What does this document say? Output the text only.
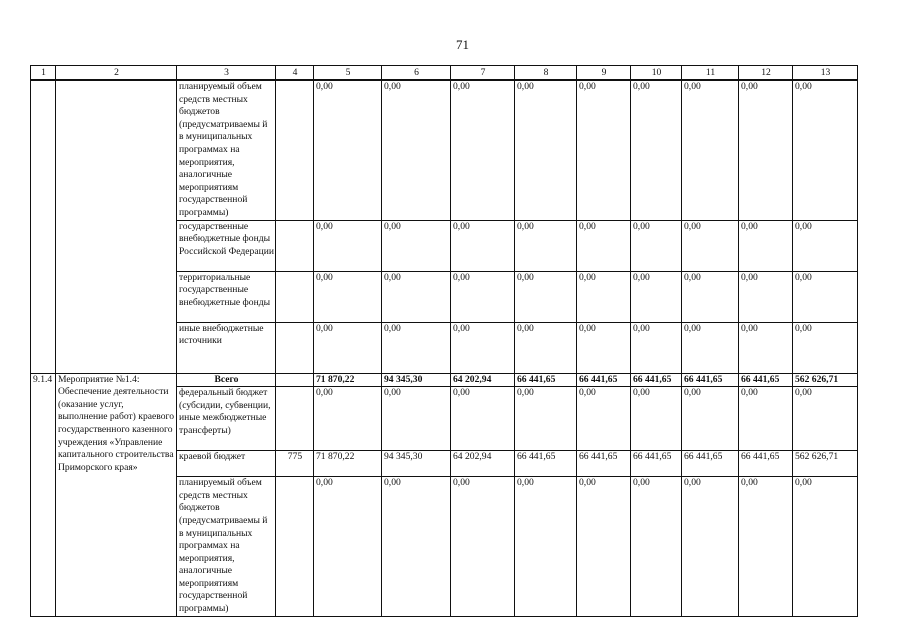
71
1	2	3	4	5	6	7	8	9	10	11	12	13
		планируемый объем средств местных бюджетов (предусматриваемы й в муниципальных программах на мероприятия, аналогичные мероприятиям государственной программы)		0,00	0,00	0,00	0,00	0,00	0,00	0,00	0,00	0,00
		государственные внебюджетные фонды Российской Федерации		0,00	0,00	0,00	0,00	0,00	0,00	0,00	0,00	0,00
		территориальные государственные внебюджетные фонды		0,00	0,00	0,00	0,00	0,00	0,00	0,00	0,00	0,00
		иные внебюджетные источники		0,00	0,00	0,00	0,00	0,00	0,00	0,00	0,00	0,00
9.1.4	Мероприятие №1.4: Обеспечение деятельности (оказание услуг, выполнение работ) краевого государственного казенного учреждения «Управление капитального строительства Приморского края»	Всего		71 870,22	94 345,30	64 202,94	66 441,65	66 441,65	66 441,65	66 441,65	66 441,65	562 626,71
		федеральный бюджет (субсидии, субвенции, иные межбюджетные трансферты)		0,00	0,00	0,00	0,00	0,00	0,00	0,00	0,00	0,00
		краевой бюджет	775	71 870,22	94 345,30	64 202,94	66 441,65	66 441,65	66 441,65	66 441,65	66 441,65	562 626,71
		планируемый объем средств местных бюджетов (предусматриваемы й в муниципальных программах на мероприятия, аналогичные мероприятиям государственной программы)		0,00	0,00	0,00	0,00	0,00	0,00	0,00	0,00	0,00
